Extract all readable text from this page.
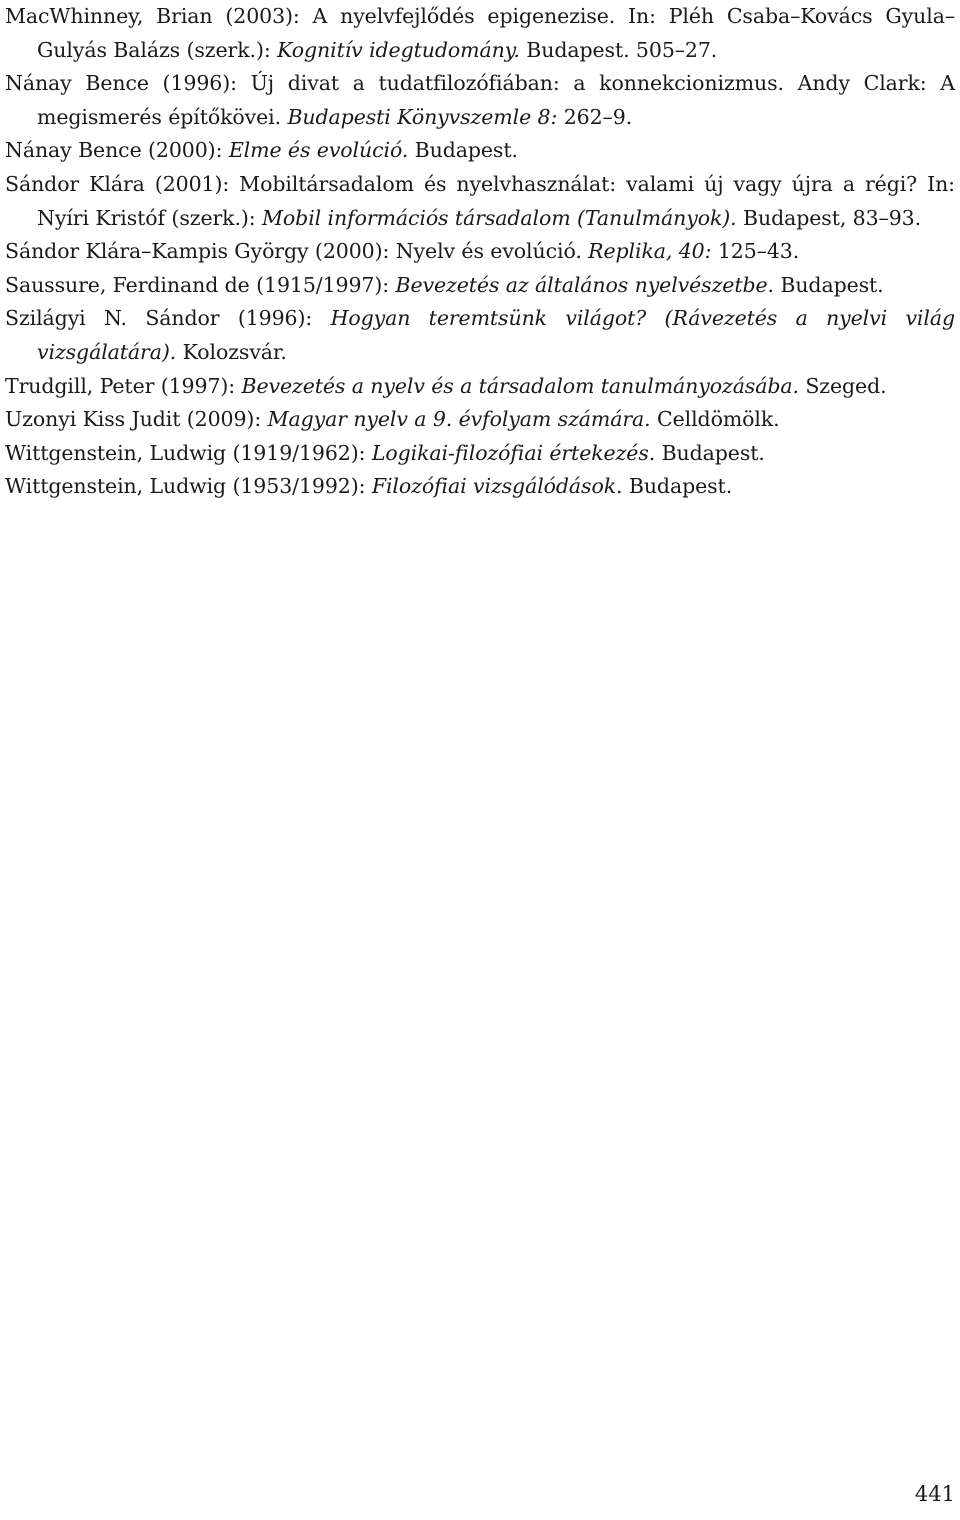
MacWhinney, Brian (2003): A nyelvfejlődés epigenezise. In: Pléh Csaba–Kovács Gyula–Gulyás Balázs (szerk.): Kognitív idegtudomány. Budapest. 505–27.
Nánay Bence (1996): Új divat a tudatfilozófiában: a konnekcionizmus. Andy Clark: A megismerés építőkövei. Budapesti Könyvszemle 8: 262–9.
Nánay Bence (2000): Elme és evolúció. Budapest.
Sándor Klára (2001): Mobiltársadalom és nyelvhasználat: valami új vagy újra a régi? In: Nyíri Kristóf (szerk.): Mobil információs társadalom (Tanulmányok). Budapest, 83–93.
Sándor Klára–Kampis György (2000): Nyelv és evolúció. Replika, 40: 125–43.
Saussure, Ferdinand de (1915/1997): Bevezetés az általános nyelvészetbe. Budapest.
Szilágyi N. Sándor (1996): Hogyan teremtsünk világot? (Rávezetés a nyelvi világ vizsgálatára). Kolozsvár.
Trudgill, Peter (1997): Bevezetés a nyelv és a társadalom tanulmányozásába. Szeged.
Uzonyi Kiss Judit (2009): Magyar nyelv a 9. évfolyam számára. Celldömölk.
Wittgenstein, Ludwig (1919/1962): Logikai-filozófiai értekezés. Budapest.
Wittgenstein, Ludwig (1953/1992): Filozófiai vizsgálódások. Budapest.
441
